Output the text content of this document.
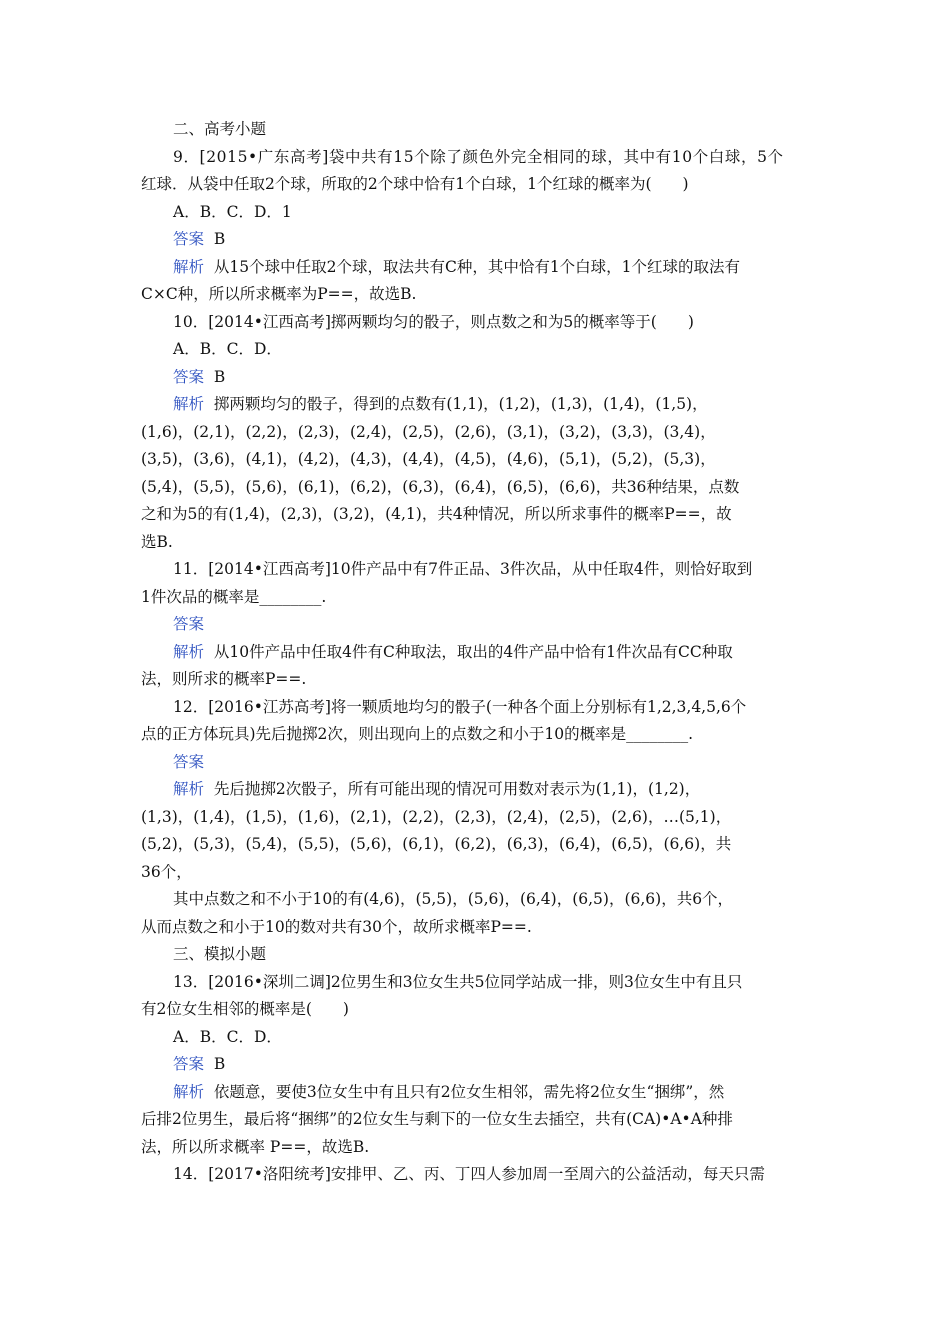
二、高考小题
9．[2015•广东高考]袋中共有15个除了颜色外完全相同的球，其中有10个白球，5个
红球．从袋中任取2个球，所取的2个球中恰有1个白球，1个红球的概率为(　　)
A．B．C．D．1
答案 B
解析 从15个球中任取2个球，取法共有C种，其中恰有1个白球，1个红球的取法有
C×C种，所以所求概率为P==，故选B.
10．[2014•江西高考]掷两颗均匀的骰子，则点数之和为5的概率等于(　　)
A．B．C．D．
答案 B
解析 掷两颗均匀的骰子，得到的点数有(1,1)，(1,2)，(1,3)，(1,4)，(1,5)，
(1,6)，(2,1)，(2,2)，(2,3)，(2,4)，(2,5)，(2,6)，(3,1)，(3,2)，(3,3)，(3,4)，
(3,5)，(3,6)，(4,1)，(4,2)，(4,3)，(4,4)，(4,5)，(4,6)，(5,1)，(5,2)，(5,3)，
(5,4)，(5,5)，(5,6)，(6,1)，(6,2)，(6,3)，(6,4)，(6,5)，(6,6)，共36种结果，点数
之和为5的有(1,4)，(2,3)，(3,2)，(4,1)，共4种情况，所以所求事件的概率P==，故
选B.
11．[2014•江西高考]10件产品中有7件正品、3件次品，从中任取4件，则恰好取到
1件次品的概率是________.
答案
解析 从10件产品中任取4件有C种取法，取出的4件产品中恰有1件次品有CC种取
法，则所求的概率P==.
12．[2016•江苏高考]将一颗质地均匀的骰子(一种各个面上分别标有1,2,3,4,5,6个
点的正方体玩具)先后抛掷2次，则出现向上的点数之和小于10的概率是________.
答案
解析 先后抛掷2次骰子，所有可能出现的情况可用数对表示为(1,1)，(1,2)，
(1,3)，(1,4)，(1,5)，(1,6)，(2,1)，(2,2)，(2,3)，(2,4)，(2,5)，(2,6)，…(5,1)，
(5,2)，(5,3)，(5,4)，(5,5)，(5,6)，(6,1)，(6,2)，(6,3)，(6,4)，(6,5)，(6,6)，共
36个，
其中点数之和不小于10的有(4,6)，(5,5)，(5,6)，(6,4)，(6,5)，(6,6)，共6个，
从而点数之和小于10的数对共有30个，故所求概率P==.
三、模拟小题
13．[2016•深圳二调]2位男生和3位女生共5位同学站成一排，则3位女生中有且只
有2位女生相邻的概率是(　　)
A．B．C．D．
答案 B
解析 依题意，要使3位女生中有且只有2位女生相邻，需先将2位女生“捆绑”，然
后排2位男生，最后将“捆绑”的2位女生与剩下的一位女生去插空，共有(CA)•A•A种排
法，所以所求概率 P==，故选B.
14．[2017•洛阳统考]安排甲、乙、丙、丁四人参加周一至周六的公益活动，每天只需
